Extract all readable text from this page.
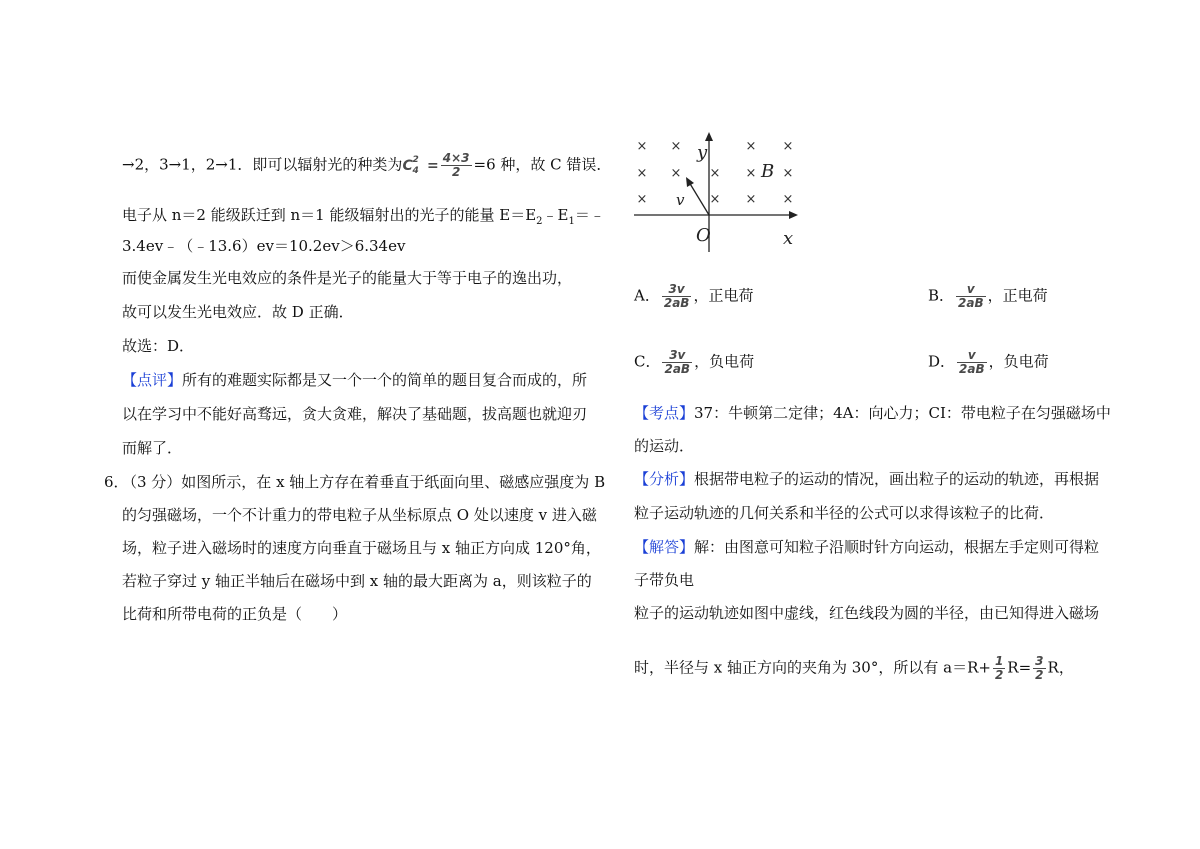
→2，3→1，2→1．即可以辐射光的种类为C 2
$4 = \frac{4\times 3}{2} =6$ 种，故 C 错误．
电子从 n＝2 能级跃迁到 n＝1 能级辐射出的光子的能量 $E=E_2﹣E_1=﹣$
3.4ev﹣（﹣13.6）ev＝10.2ev＞6.34ev
而使金属发生光电效应的条件是光子的能量大于等于电子的逸出功，
故可以发生光电效应．故 D 正确．
故选：D．
【点评】所有的难题实际都是又一个一个的简单的题目复合而成的，所
以在学习中不能好高骛远，贪大贪难，解决了基础题，拔高题也就迎刃
而解了．
6．
（3 分）如图所示，在 x 轴上方存在着垂直于纸面向里、磁感应强度为 B
的匀强磁场，一个不计重力的带电粒子从坐标原点 O 处以速度 v 进入磁
场，粒子进入磁场时的速度方向垂直于磁场且与 x 轴正方向成 120°角，
若粒子穿过 y 轴正半轴后在磁场中到 x 轴的最大距离为 a，则该粒子的
比荷和所带电荷的正负是（　　）
×
×
×
×
× ×
×
×
×
×
×
×
×
y
B
v
O	x
A． $\frac{3v}{2aB}$ ，正电荷	B． $\frac{v}{2aB}$ ，正电荷
C． $\frac{3v}{2aB}$ ，负电荷	D． $\frac{v}{2aB}$ ，负电荷
【考点】37：牛顿第二定律；4A：向心力；CI：带电粒子在匀强磁场中
的运动．
【分析】根据带电粒子的运动的情况，画出粒子的运动的轨迹，再根据
粒子运动轨迹的几何关系和半径的公式可以求得该粒子的比荷．
【解答】解：由图意可知粒子沿顺时针方向运动，根据左手定则可得粒
子带负电
粒子的运动轨迹如图中虚线，红色线段为圆的半径，由已知得进入磁场
时，半径与 x 轴正方向的夹角为 30°，所以有 $a=R+ \frac{1}{2} R= \frac{3}{2}$ R，
